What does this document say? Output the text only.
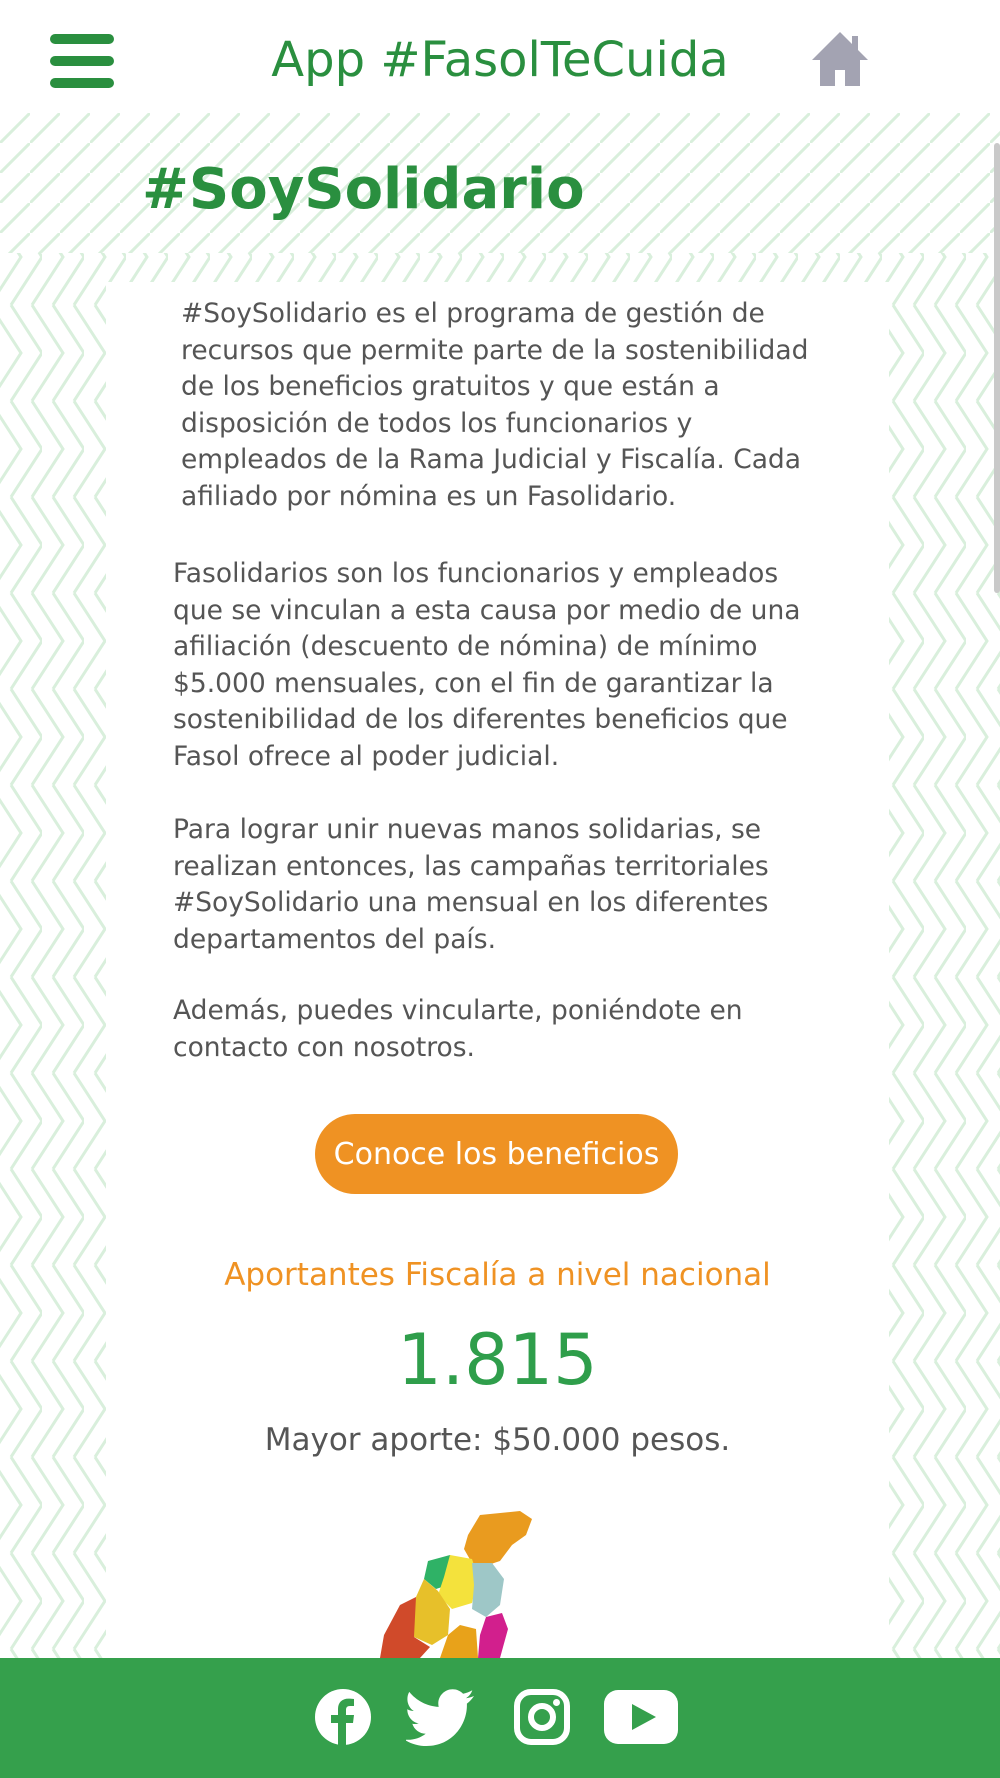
App #FasolTeCuida
#SoySolidario

#SoySolidario es el programa de gestión de recursos que permite parte de la sostenibilidad de los beneficios gratuitos y que están a disposición de todos los funcionarios y empleados de la Rama Judicial y Fiscalía. Cada afiliado por nómina es un Fasolidario.

Fasolidarios son los funcionarios y empleados que se vinculan a esta causa por medio de una afiliación (descuento de nómina) de mínimo $5.000 mensuales, con el fin de garantizar la sostenibilidad de los diferentes beneficios que Fasol ofrece al poder judicial.

Para lograr unir nuevas manos solidarias, se realizan entonces, las campañas territoriales #SoySolidario una mensual en los diferentes departamentos del país.

Además, puedes vincularte, poniéndote en contacto con nosotros.

Conoce los beneficios
Aportantes Fiscalía a nivel nacional
1.815
Mayor aporte: $50.000 pesos.
